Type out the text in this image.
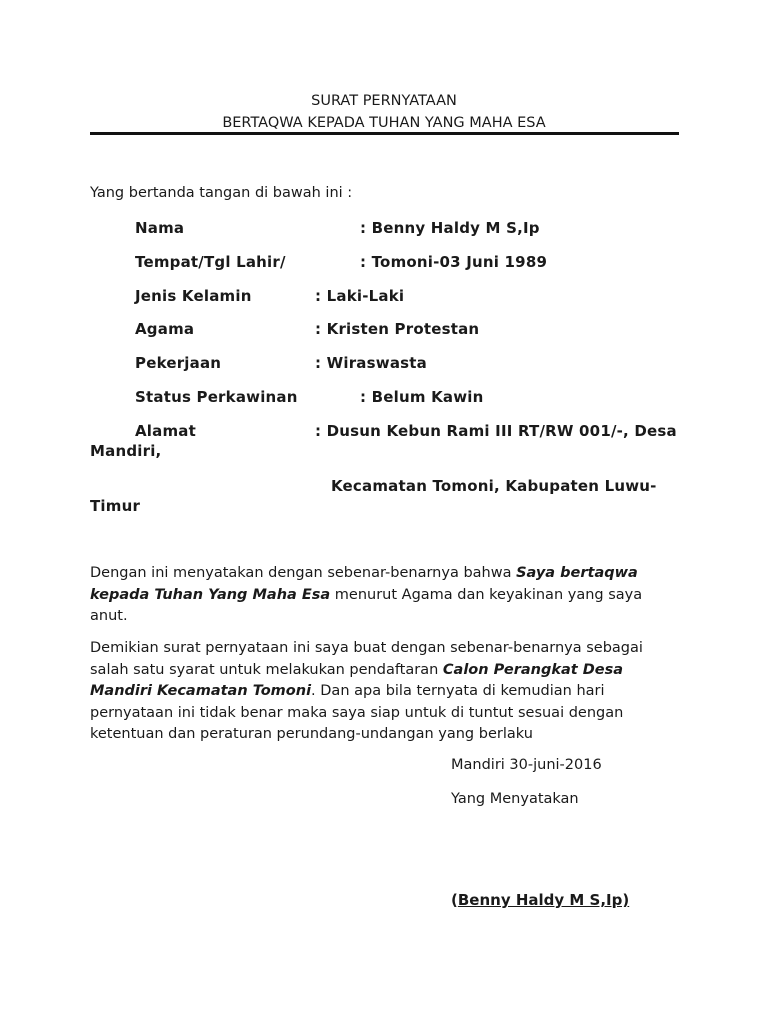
SURAT PERNYATAAN
BERTAQWA KEPADA TUHAN YANG MAHA ESA
Yang bertanda tangan di bawah ini :
Nama	: Benny Haldy M S,Ip
Tempat/Tgl Lahir/	: Tomoni-03 Juni 1989
Jenis Kelamin	: Laki-Laki
Agama	: Kristen Protestan
Pekerjaan	: Wiraswasta
Status Perkawinan	: Belum Kawin
Alamat	: Dusun Kebun Rami III RT/RW 001/-, Desa
Mandiri,
Kecamatan Tomoni, Kabupaten Luwu-
Timur
Dengan ini menyatakan dengan sebenar-benarnya bahwa Saya bertaqwa kepada Tuhan Yang Maha Esa menurut Agama dan keyakinan yang saya anut.
Demikian surat pernyataan ini saya buat dengan sebenar-benarnya sebagai salah satu syarat untuk melakukan pendaftaran Calon Perangkat Desa Mandiri Kecamatan Tomoni. Dan apa bila ternyata di kemudian hari pernyataan ini tidak benar maka saya siap untuk di tuntut sesuai dengan ketentuan dan peraturan perundang-undangan yang berlaku
Mandiri 30-juni-2016
Yang Menyatakan
(Benny Haldy M S,Ip)
